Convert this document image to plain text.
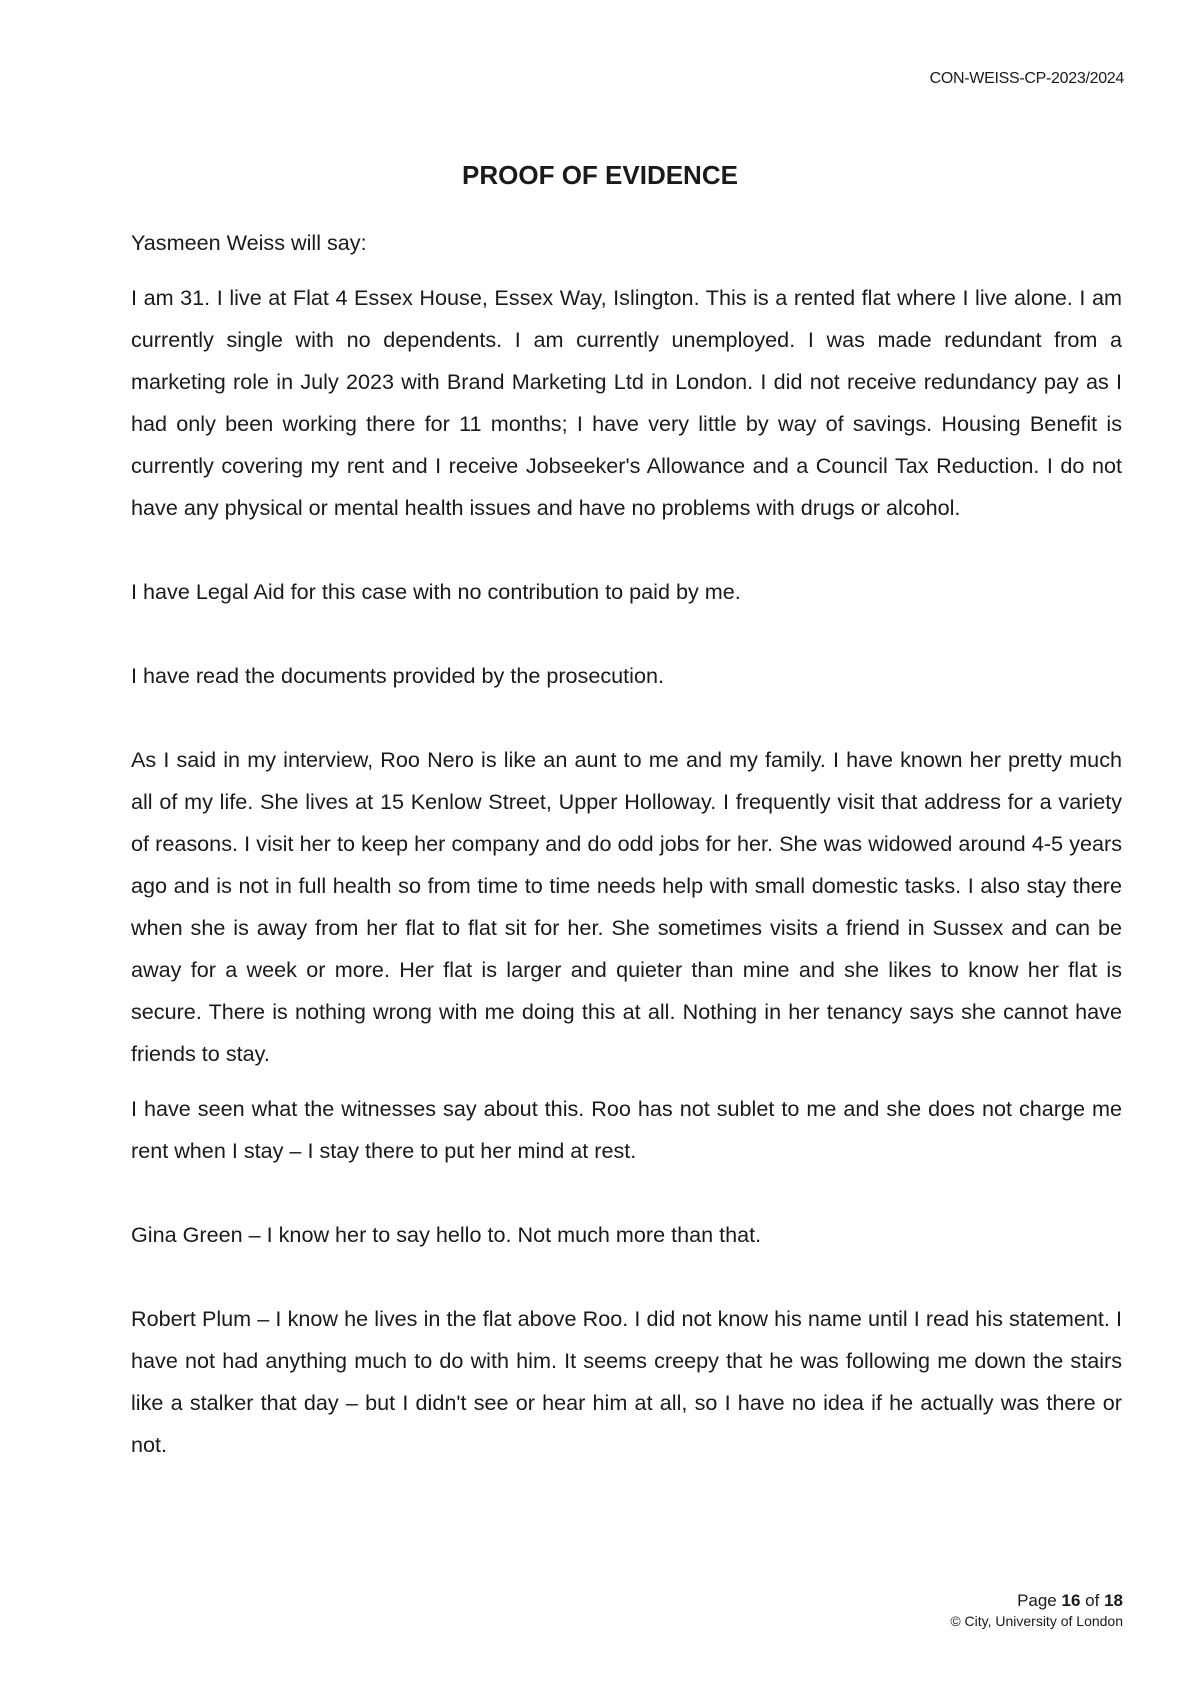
CON-WEISS-CP-2023/2024
PROOF OF EVIDENCE

Yasmeen Weiss will say:

I am 31. I live at Flat 4 Essex House, Essex Way, Islington. This is a rented flat where I live alone. I am currently single with no dependents. I am currently unemployed. I was made redundant from a marketing role in July 2023 with Brand Marketing Ltd in London. I did not receive redundancy pay as I had only been working there for 11 months; I have very little by way of savings. Housing Benefit is currently covering my rent and I receive Jobseeker's Allowance and a Council Tax Reduction. I do not have any physical or mental health issues and have no problems with drugs or alcohol.

I have Legal Aid for this case with no contribution to paid by me.

I have read the documents provided by the prosecution.

As I said in my interview, Roo Nero is like an aunt to me and my family. I have known her pretty much all of my life. She lives at 15 Kenlow Street, Upper Holloway. I frequently visit that address for a variety of reasons. I visit her to keep her company and do odd jobs for her. She was widowed around 4-5 years ago and is not in full health so from time to time needs help with small domestic tasks. I also stay there when she is away from her flat to flat sit for her. She sometimes visits a friend in Sussex and can be away for a week or more. Her flat is larger and quieter than mine and she likes to know her flat is secure. There is nothing wrong with me doing this at all. Nothing in her tenancy says she cannot have friends to stay.

I have seen what the witnesses say about this. Roo has not sublet to me and she does not charge me rent when I stay – I stay there to put her mind at rest.

Gina Green – I know her to say hello to. Not much more than that.

Robert Plum – I know he lives in the flat above Roo. I did not know his name until I read his statement. I have not had anything much to do with him. It seems creepy that he was following me down the stairs like a stalker that day – but I didn't see or hear him at all, so I have no idea if he actually was there or not.

Page 16 of 18
© City, University of London
